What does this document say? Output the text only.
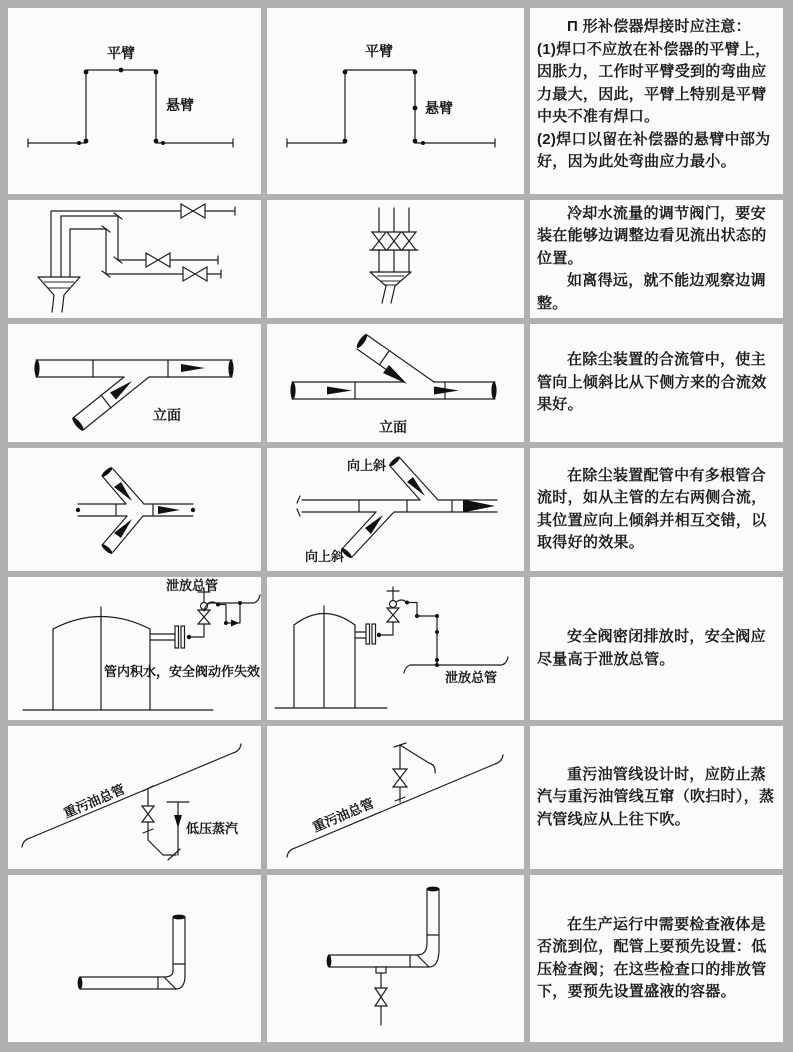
平臂
悬臂
平臂
悬臂

Π 形补偿器焊接时应注意：

(1)焊口不应放在补偿器的平臂上，因胀力，工作时平臂受到的弯曲应力最大，因此，平臂上特别是平臂中央不准有焊口。

(2)焊口以留在补偿器的悬臂中部为好，因为此处弯曲应力最小。

冷却水流量的调节阀门，要安装在能够边调整边看见流出状态的位置。

如离得远，就不能边观察边调整。

立面
立面

在除尘装置的合流管中，使主管向上倾斜比从下侧方来的合流效果好。

向上斜
向上斜

在除尘装置配管中有多根管合流时，如从主管的左右两侧合流，其位置应向上倾斜并相互交错，以取得好的效果。

泄放总管
管内积水，安全阀动作失效	泄放总管

安全阀密闭排放时，安全阀应尽量高于泄放总管。

重污油总管
低压蒸汽	重污油总管

重污油管线设计时，应防止蒸汽与重污油管线互窜（吹扫时），蒸汽管线应从上往下吹。

在生产运行中需要检查液体是否流到位，配管上要预先设置：低压检查阀；在这些检查口的排放管下，要预先设置盛液的容器。
